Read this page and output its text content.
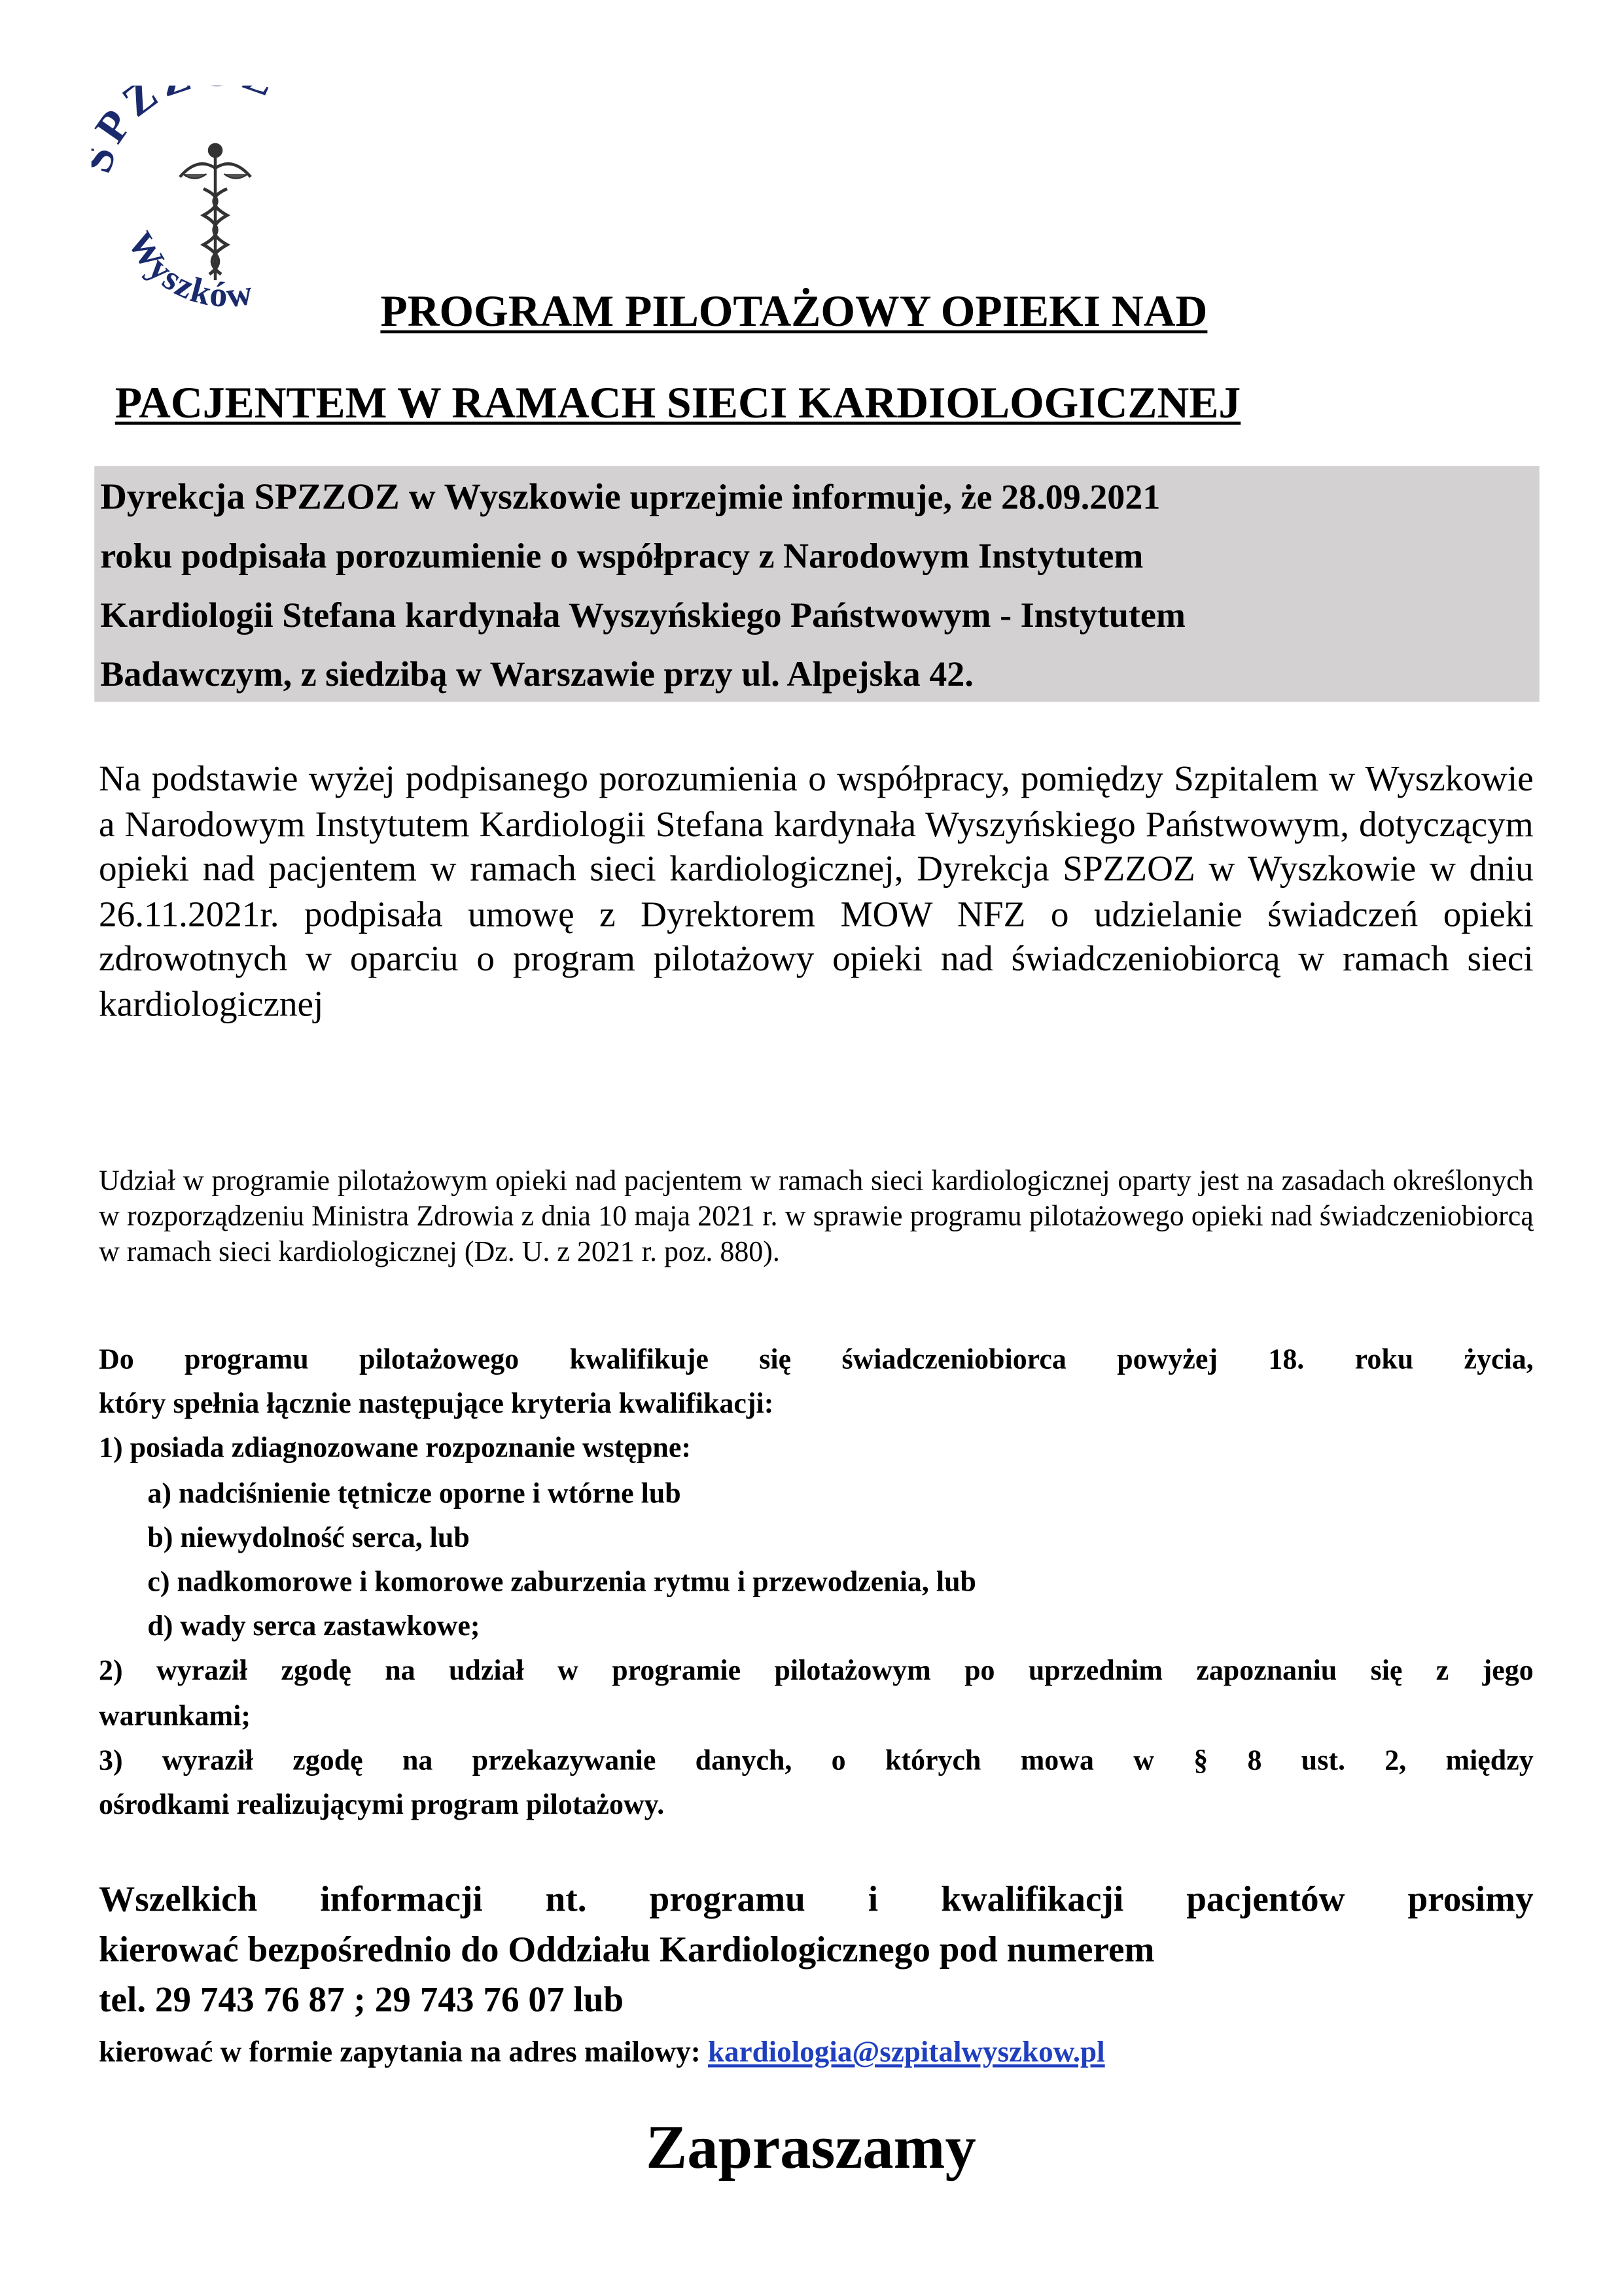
Z
Wyszków	PROGRAM PILOTAŻOWY OPIEKI NAD
PACJENTEM W RAMACH SIECI KARDIOLOGICZNEJ

Dyrekcja SPZZOZ w Wyszkowie uprzejmie informuje, że 28.09.2021
roku podpisała porozumienie o współpracy z Narodowym Instytutem
Kardiologii Stefana kardynała Wyszyńskiego Państwowym - Instytutem
Badawczym, z siedzibą w Warszawie przy ul. Alpejska 42.

Na podstawie wyżej podpisanego porozumienia o współpracy, pomiędzy Szpitalem w Wyszkowie a Narodowym Instytutem Kardiologii Stefana kardynała Wyszyńskiego Państwowym, dotyczącym opieki nad pacjentem w ramach sieci kardiologicznej, Dyrekcja SPZZOZ w Wyszkowie w dniu 26.11.2021r. podpisała umowę z Dyrektorem MOW NFZ o udzielanie świadczeń opieki zdrowotnych w oparciu o program pilotażowy opieki nad świadczeniobiorcą w ramach sieci kardiologicznej

Udział w programie pilotażowym opieki nad pacjentem w ramach sieci kardiologicznej oparty jest na zasadach określonych w rozporządzeniu Ministra Zdrowia z dnia 10 maja 2021 r. w sprawie programu pilotażowego opieki nad świadczeniobiorcą w ramach sieci kardiologicznej (Dz. U. z 2021 r. poz. 880).

Do programu pilotażowego kwalifikuje się świadczeniobiorca powyżej 18. roku życia,
który spełnia łącznie następujące kryteria kwalifikacji:
1) posiada zdiagnozowane rozpoznanie wstępne:
a) nadciśnienie tętnicze oporne i wtórne lub
b) niewydolność serca, lub
c) nadkomorowe i komorowe zaburzenia rytmu i przewodzenia, lub
d) wady serca zastawkowe;
2) wyraził zgodę na udział w programie pilotażowym po uprzednim zapoznaniu się z jego
warunkami;
3) wyraził zgodę na przekazywanie danych, o których mowa w § 8 ust. 2, między
ośrodkami realizującymi program pilotażowy.
Wszelkich informacji nt. programu i kwalifikacji pacjentów prosimy
kierować bezpośrednio do Oddziału Kardiologicznego pod numerem
tel. 29 743 76 87 ; 29 743 76 07 lub

kierować w formie zapytania na adres mailowy: kardiologia@szpitalwyszkow.pl

Zapraszamy
